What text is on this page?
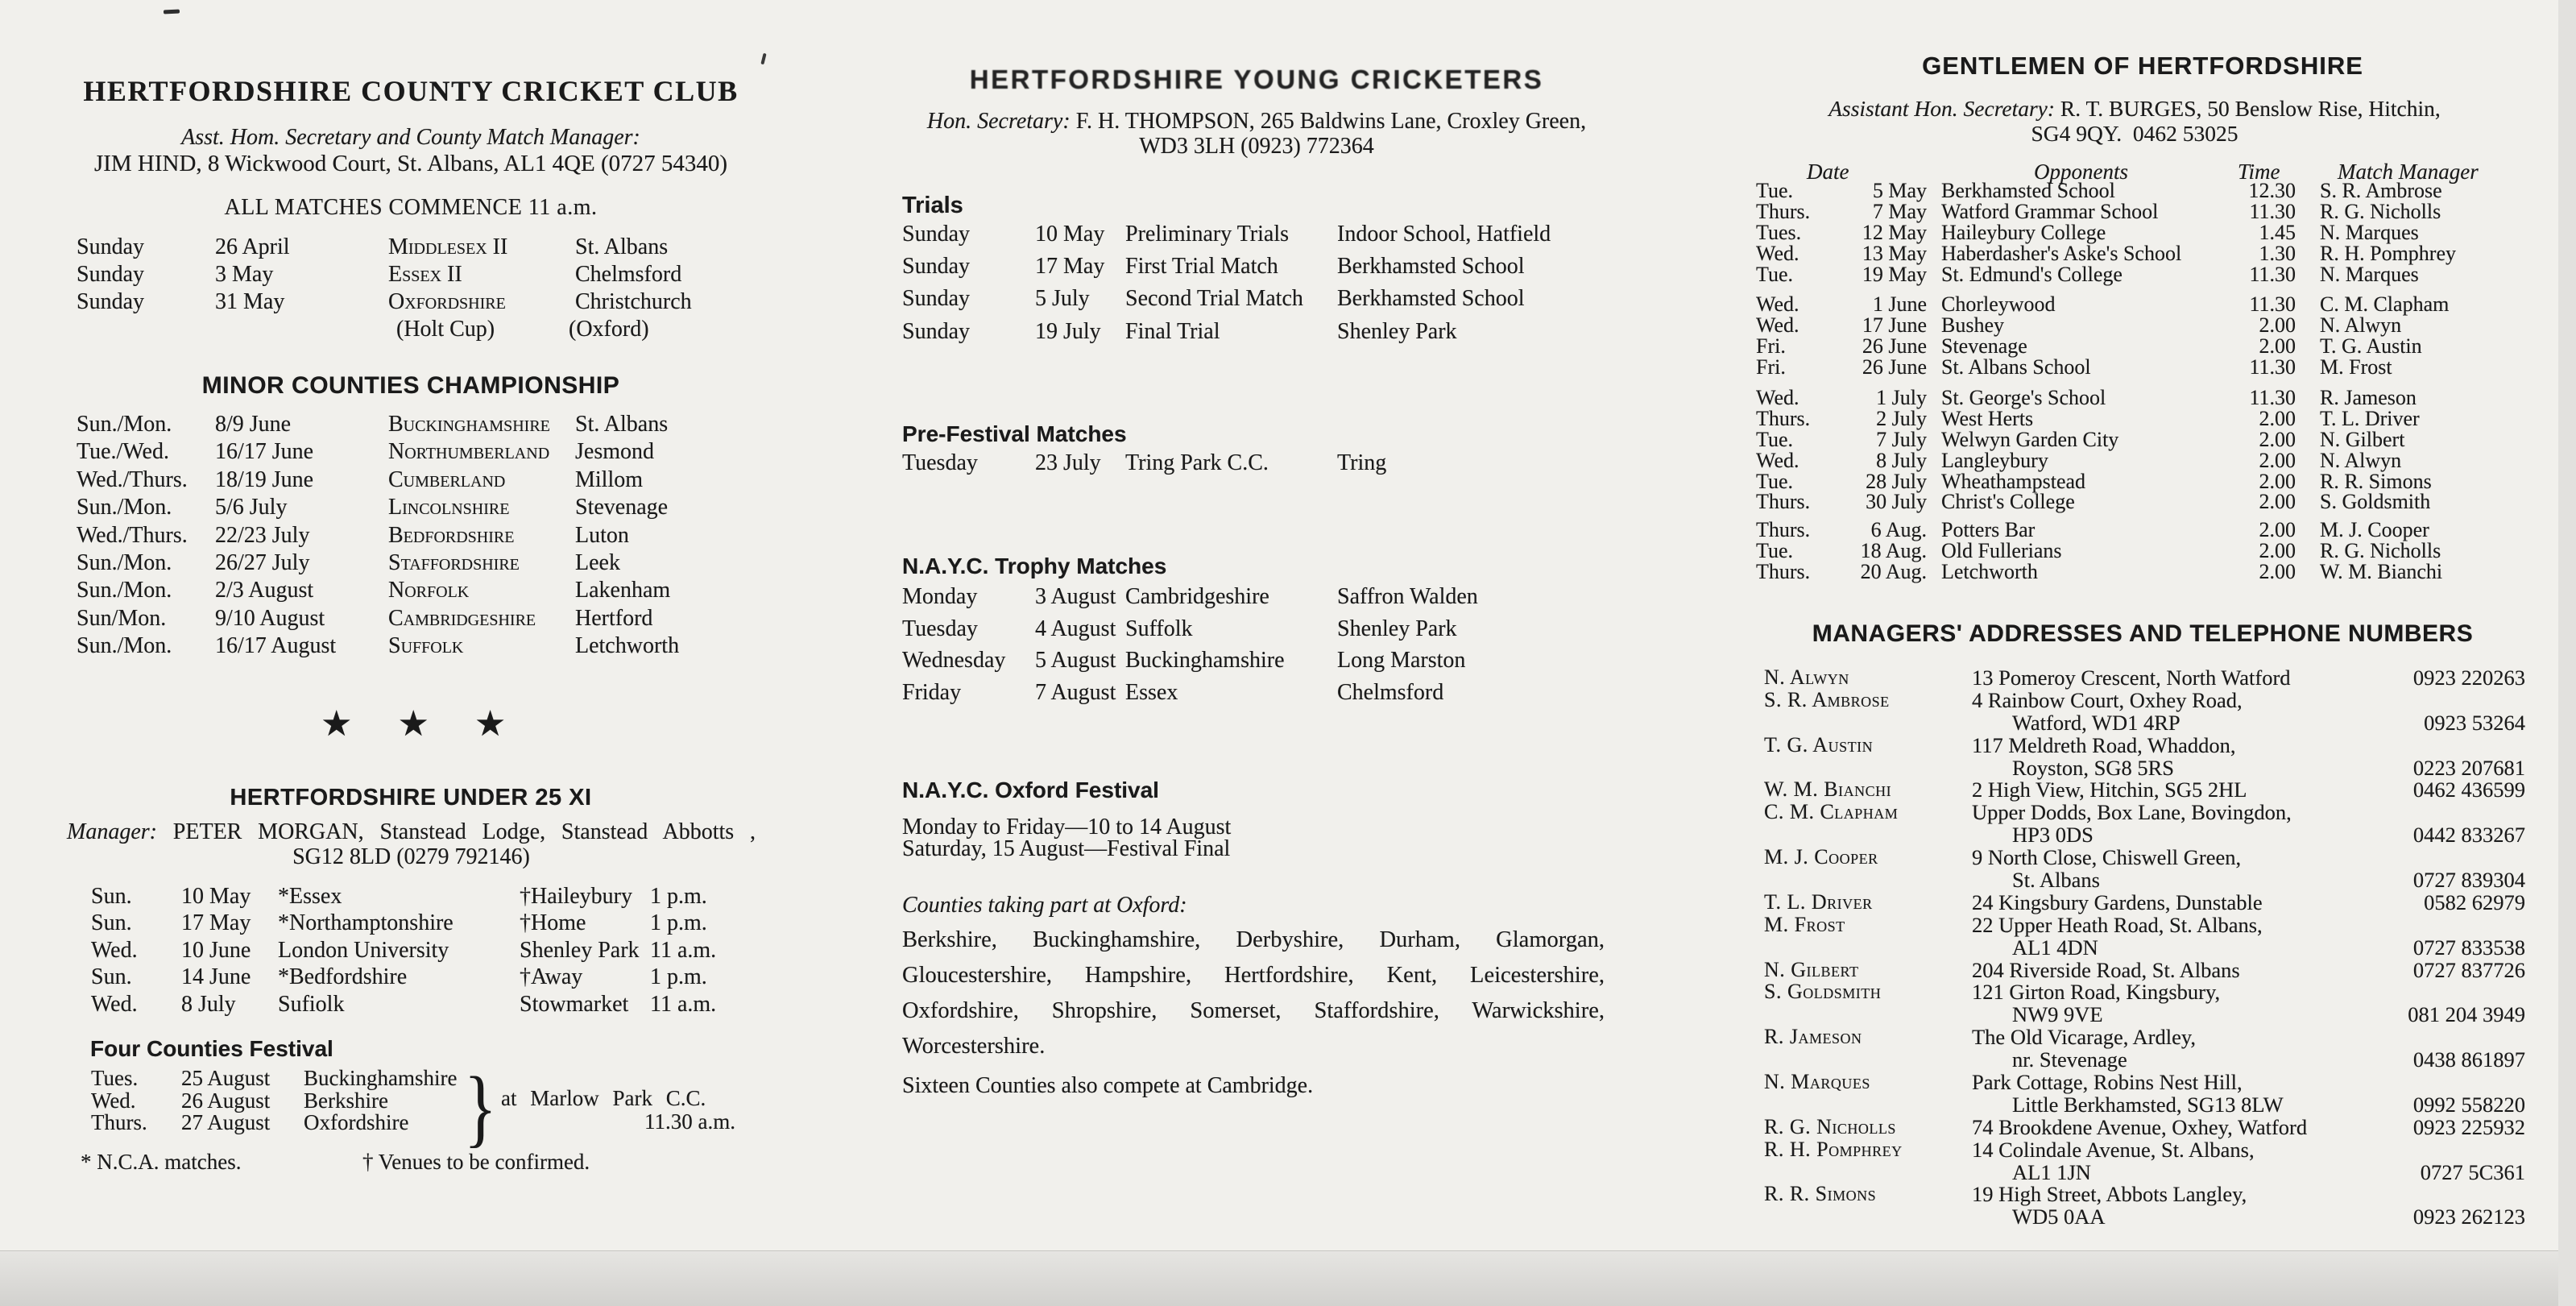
HERTFORDSHIRE COUNTY CRICKET CLUB
Asst. Hom. Secretary and County Match Manager:
JIM HIND, 8 Wickwood Court, St. Albans, AL1 4QE (0727 54340)
ALL MATCHES COMMENCE 11 a.m.
Sunday	26 April	Middlesex II	St. Albans
Sunday	3 May	Essex II	Chelmsford
Sunday	31 May	Oxfordshire	Christchurch
(Holt Cup)	(Oxford)
MINOR COUNTIES CHAMPIONSHIP
Sun./Mon.	8/9 June	Buckinghamshire	St. Albans
Tue./Wed.	16/17 June	Northumberland	Jesmond
Wed./Thurs.	18/19 June	Cumberland	Millom
Sun./Mon.	5/6 July	Lincolnshire	Stevenage
Wed./Thurs.	22/23 July	Bedfordshire	Luton
Sun./Mon.	26/27 July	Staffordshire	Leek
Sun./Mon.	2/3 August	Norfolk	Lakenham
Sun/Mon.	9/10 August	Cambridgeshire	Hertford
Sun./Mon.	16/17 August	Suffolk	Letchworth
★ ★ ★
HERTFORDSHIRE UNDER 25 XI
Manager: PETER MORGAN, Stanstead Lodge, Stanstead Abbotts ,
SG12 8LD (0279 792146)
Sun.	10 May	*Essex	†Haileybury 1 p.m.
Sun.	17 May	*Northamptonshire	†Home	1 p.m.
Wed.	10 June	London University	Shenley Park 11 a.m.
Sun.	14 June	*Bedfordshire	†Away	1 p.m.
Wed.	8 July	Sufiolk	Stowmarket 11 a.m.
Four Counties Festival
Tues.	25 August	Buckinghamshire
Wed.	26 August	Berkshire
Thurs.	27 August	Oxfordshire } at Marlow Park C.C.
11.30 a.m.
* N.C.A. matches.	† Venues to be confirmed.
HERTFORDSHIRE YOUNG CRICKETERS
Hon. Secretary: F. H. THOMPSON, 265 Baldwins Lane, Croxley Green,
WD3 3LH (0923) 772364
Trials
Sunday	10 May Preliminary Trials	Indoor School, Hatfield
Sunday	17 May First Trial Match	Berkhamsted School
Sunday	5 July	Second Trial Match	Berkhamsted School
Sunday	19 July	Final Trial	Shenley Park
Pre-Festival Matches
Tuesday	23 July	Tring Park C.C.	Tring
N.A.Y.C. Trophy Matches
Monday	3 August Cambridgeshire	Saffron Walden
Tuesday	4 August Suffolk	Shenley Park
Wednesday	5 August Buckinghamshire	Long Marston
Friday	7 August Essex	Chelmsford
N.A.Y.C. Oxford Festival
Monday to Friday—10 to 14 August
Saturday, 15 August—Festival Final
Counties taking part at Oxford:
Berkshire, Buckinghamshire, Derbyshire, Durham, Glamorgan,
Gloucestershire, Hampshire, Hertfordshire, Kent, Leicestershire,
Oxfordshire, Shropshire, Somerset, Staffordshire, Warwickshire,
Worcestershire.
Sixteen Counties also compete at Cambridge.
GENTLEMEN OF HERTFORDSHIRE
Assistant Hon. Secretary: R. T. BURGES, 50 Benslow Rise, Hitchin,
SG4 9QY.  0462 53025
Date	Opponents	Time	Match Manager
Tue.	5 May Berkhamsted School	12.30	S. R. Ambrose
Thurs.	7 May Watford Grammar School	11.30	R. G. Nicholls
Tues.	12 May Haileybury College	1.45	N. Marques
Wed.	13 May Haberdasher's Aske's School	1.30	R. H. Pomphrey
Tue.	19 May St. Edmund's College	11.30	N. Marques
Wed.	1 June Chorleywood	11.30	C. M. Clapham
Wed.	17 June Bushey	2.00	N. Alwyn
Fri.	26 June Stevenage	2.00	T. G. Austin
Fri.	26 June St. Albans School	11.30	M. Frost
Wed.	1 July St. George's School	11.30	R. Jameson
Thurs.	2 July West Herts	2.00	T. L. Driver
Tue.	7 July Welwyn Garden City	2.00	N. Gilbert
Wed.	8 July Langleybury	2.00	N. Alwyn
Tue.	28 July Wheathampstead	2.00	R. R. Simons
Thurs.	30 July Christ's College	2.00	S. Goldsmith
Thurs.	6 Aug. Potters Bar	2.00	M. J. Cooper
Tue.	18 Aug. Old Fullerians	2.00	R. G. Nicholls
Thurs.	20 Aug. Letchworth	2.00	W. M. Bianchi
MANAGERS' ADDRESSES AND TELEPHONE NUMBERS
N. Alwyn	13 Pomeroy Crescent, North Watford	0923 220263
S. R. Ambrose	4 Rainbow Court, Oxhey Road,
Watford, WD1 4RP	0923 53264
T. G. Austin	117 Meldreth Road, Whaddon,
Royston, SG8 5RS	0223 207681
W. M. Bianchi	2 High View, Hitchin, SG5 2HL	0462 436599
C. M. Clapham	Upper Dodds, Box Lane, Bovingdon,
HP3 0DS	0442 833267
M. J. Cooper	9 North Close, Chiswell Green,
St. Albans	0727 839304
T. L. Driver	24 Kingsbury Gardens, Dunstable	0582 62979
M. Frost	22 Upper Heath Road, St. Albans,
AL1 4DN	0727 833538
N. Gilbert	204 Riverside Road, St. Albans	0727 837726
S. Goldsmith	121 Girton Road, Kingsbury,
NW9 9VE	081 204 3949
R. Jameson	The Old Vicarage, Ardley,
nr. Stevenage	0438 861897
N. Marques	Park Cottage, Robins Nest Hill,
Little Berkhamsted, SG13 8LW	0992 558220
R. G. Nicholls	74 Brookdene Avenue, Oxhey, Watford	0923 225932
R. H. Pomphrey	14 Colindale Avenue, St. Albans,
AL1 1JN	0727 5C361
R. R. Simons	19 High Street, Abbots Langley,
WD5 0AA	0923 262123
